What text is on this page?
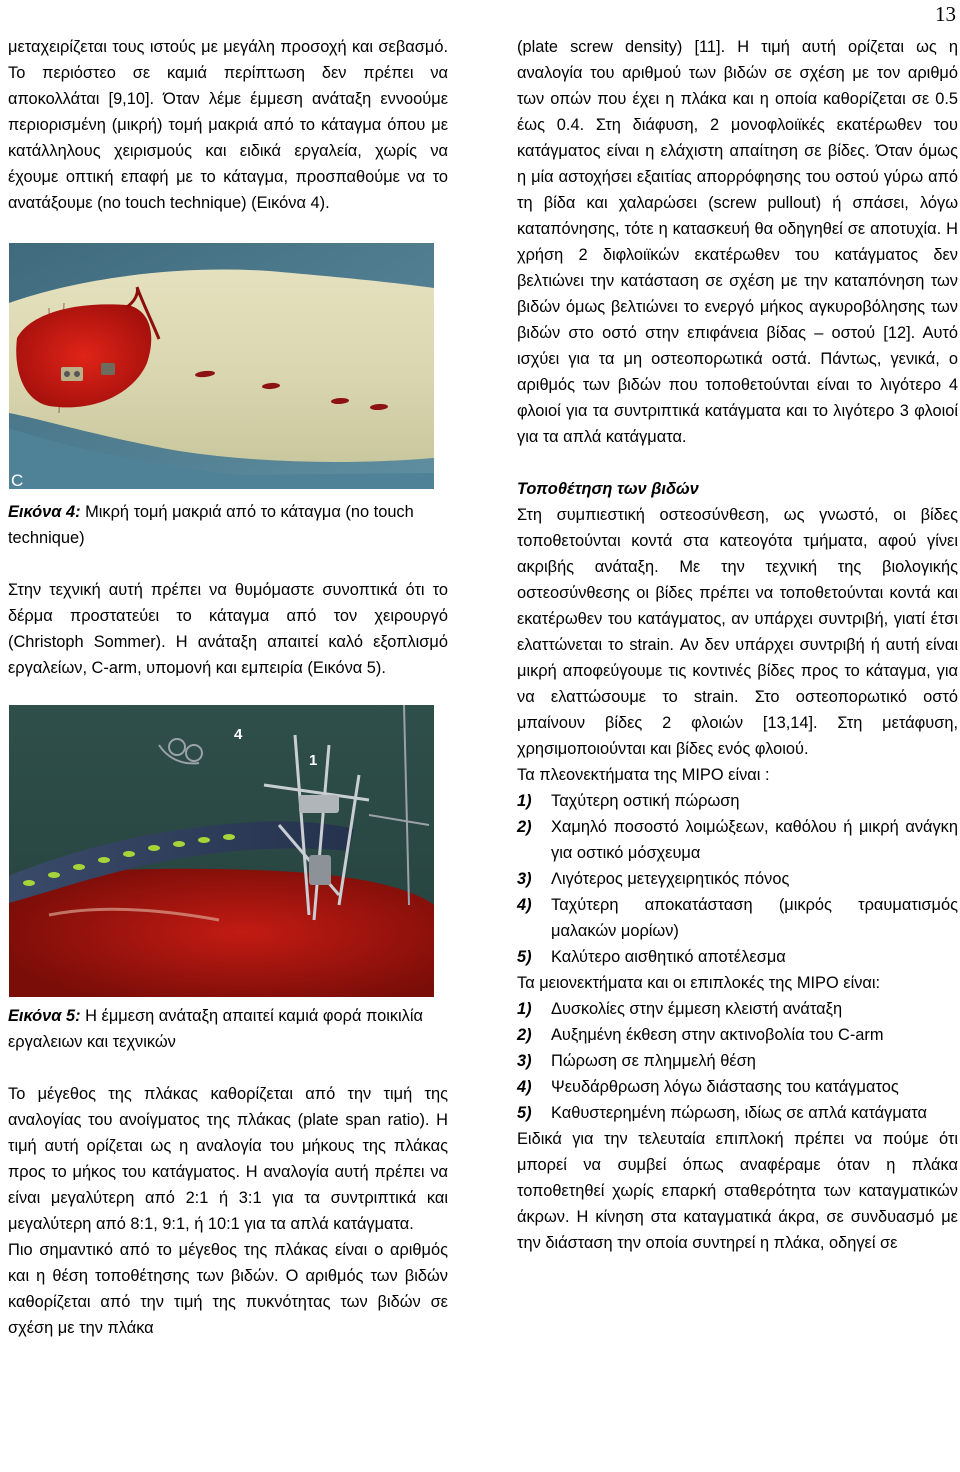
13

μεταχειρίζεται τους ιστούς με μεγάλη προσοχή και σεβασμό. Το περιόστεο σε καμιά περίπτωση δεν πρέπει να αποκολλάται [9,10]. Όταν λέμε έμμεση ανάταξη εννοούμε περιορισμένη (μικρή) τομή μακριά από το κάταγμα όπου με κατάλληλους χειρισμούς και ειδικά εργαλεία, χωρίς να έχουμε οπτική επαφή με το κάταγμα, προσπαθούμε να το ανατάξουμε (no touch technique) (Εικόνα 4).

C

Εικόνα 4: Μικρή τομή μακριά από το κάταγμα (no touch technique)

Στην τεχνική αυτή πρέπει να θυμόμαστε συνοπτικά ότι το δέρμα προστατεύει το κάταγμα από τον χειρουργό (Christoph Sommer). Η ανάταξη απαιτεί καλό εξοπλισμό εργαλείων, C-arm, υπομονή και εμπειρία (Εικόνα 5).

4
1

Εικόνα 5: Η έμμεση ανάταξη απαιτεί καμιά φορά ποικιλία εργαλειων και τεχνικών

Το μέγεθος της πλάκας καθορίζεται από την τιμή της αναλογίας του ανοίγματος της πλάκας (plate span ratio). Η τιμή αυτή ορίζεται ως η αναλογία του μήκους της πλάκας προς το μήκος του κατάγματος. Η αναλογία αυτή πρέπει να είναι μεγαλύτερη από 2:1 ή 3:1 για τα συντριπτικά και μεγαλύτερη από 8:1, 9:1, ή 10:1 για τα απλά κατάγματα.

Πιο σημαντικό από το μέγεθος της πλάκας είναι ο αριθμός και η θέση τοποθέτησης των βιδών. Ο αριθμός των βιδών καθορίζεται από την τιμή της πυκνότητας των βιδών σε σχέση με την πλάκα

(plate screw density) [11]. Η τιμή αυτή ορίζεται ως η αναλογία του αριθμού των βιδών σε σχέση με τον αριθμό των οπών που έχει η πλάκα και η οποία καθορίζεται σε 0.5 έως 0.4. Στη διάφυση, 2 μονοφλοιϊκές εκατέρωθεν του κατάγματος είναι η ελάχιστη απαίτηση σε βίδες. Όταν όμως η μία αστοχήσει εξαιτίας απορρόφησης του οστού γύρω από τη βίδα και χαλαρώσει (screw pullout) ή σπάσει, λόγω καταπόνησης, τότε η κατασκευή θα οδηγηθεί σε αποτυχία. Η χρήση 2 διφλοιϊκών εκατέρωθεν του κατάγματος δεν βελτιώνει την κατάσταση σε σχέση με την καταπόνηση των βιδών όμως βελτιώνει το ενεργό μήκος αγκυροβόλησης των βιδών στο οστό στην επιφάνεια βίδας – οστού [12]. Αυτό ισχύει για τα μη οστεοπορωτικά οστά. Πάντως, γενικά, ο αριθμός των βιδών που τοποθετούνται είναι το λιγότερο 4 φλοιοί για τα συντριπτικά κατάγματα και το λιγότερο 3 φλοιοί για τα απλά κατάγματα.

Τοποθέτηση των βιδών

Στη συμπιεστική οστεοσύνθεση, ως γνωστό, οι βίδες τοποθετούνται κοντά στα κατεογότα τμήματα, αφού γίνει ακριβής ανάταξη. Με την τεχνική της βιολογικής οστεοσύνθεσης οι βίδες πρέπει να τοποθετούνται κοντά και εκατέρωθεν του κατάγματος, αν υπάρχει συντριβή, γιατί έτσι ελαττώνεται το strain. Αν δεν υπάρχει συντριβή ή αυτή είναι μικρή αποφεύγουμε τις κοντινές βίδες προς το κάταγμα, για να ελαττώσουμε το strain. Στο οστεοπορωτικό οστό μπαίνουν βίδες 2 φλοιών [13,14]. Στη μετάφυση, χρησιμοποιούνται και βίδες ενός φλοιού.

Τα πλεονεκτήματα της ΜΙΡΟ είναι :

1) Ταχύτερη οστική πώρωση
2) Χαμηλό ποσοστό λοιμώξεων, καθόλου ή μικρή ανάγκη για οστικό μόσχευμα
3) Λιγότερος μετεγχειρητικός πόνος
4) Ταχύτερη αποκατάσταση (μικρός τραυματισμός μαλακών μορίων)
5) Καλύτερο αισθητικό αποτέλεσμα

Τα μειονεκτήματα και οι επιπλοκές της ΜΙΡΟ είναι:

1) Δυσκολίες στην έμμεση κλειστή ανάταξη
2) Αυξημένη έκθεση στην ακτινοβολία του C-arm
3) Πώρωση σε πλημμελή θέση
4) Ψευδάρθρωση λόγω διάστασης του κατάγματος
5) Καθυστερημένη πώρωση, ιδίως σε απλά κατάγματα

Ειδικά για την τελευταία επιπλοκή πρέπει να πούμε ότι μπορεί να συμβεί όπως αναφέραμε όταν η πλάκα τοποθετηθεί χωρίς επαρκή σταθερότητα των καταγματικών άκρων. Η κίνηση στα καταγματικά άκρα, σε συνδυασμό με την διάσταση την οποία συντηρεί η πλάκα, οδηγεί σε
